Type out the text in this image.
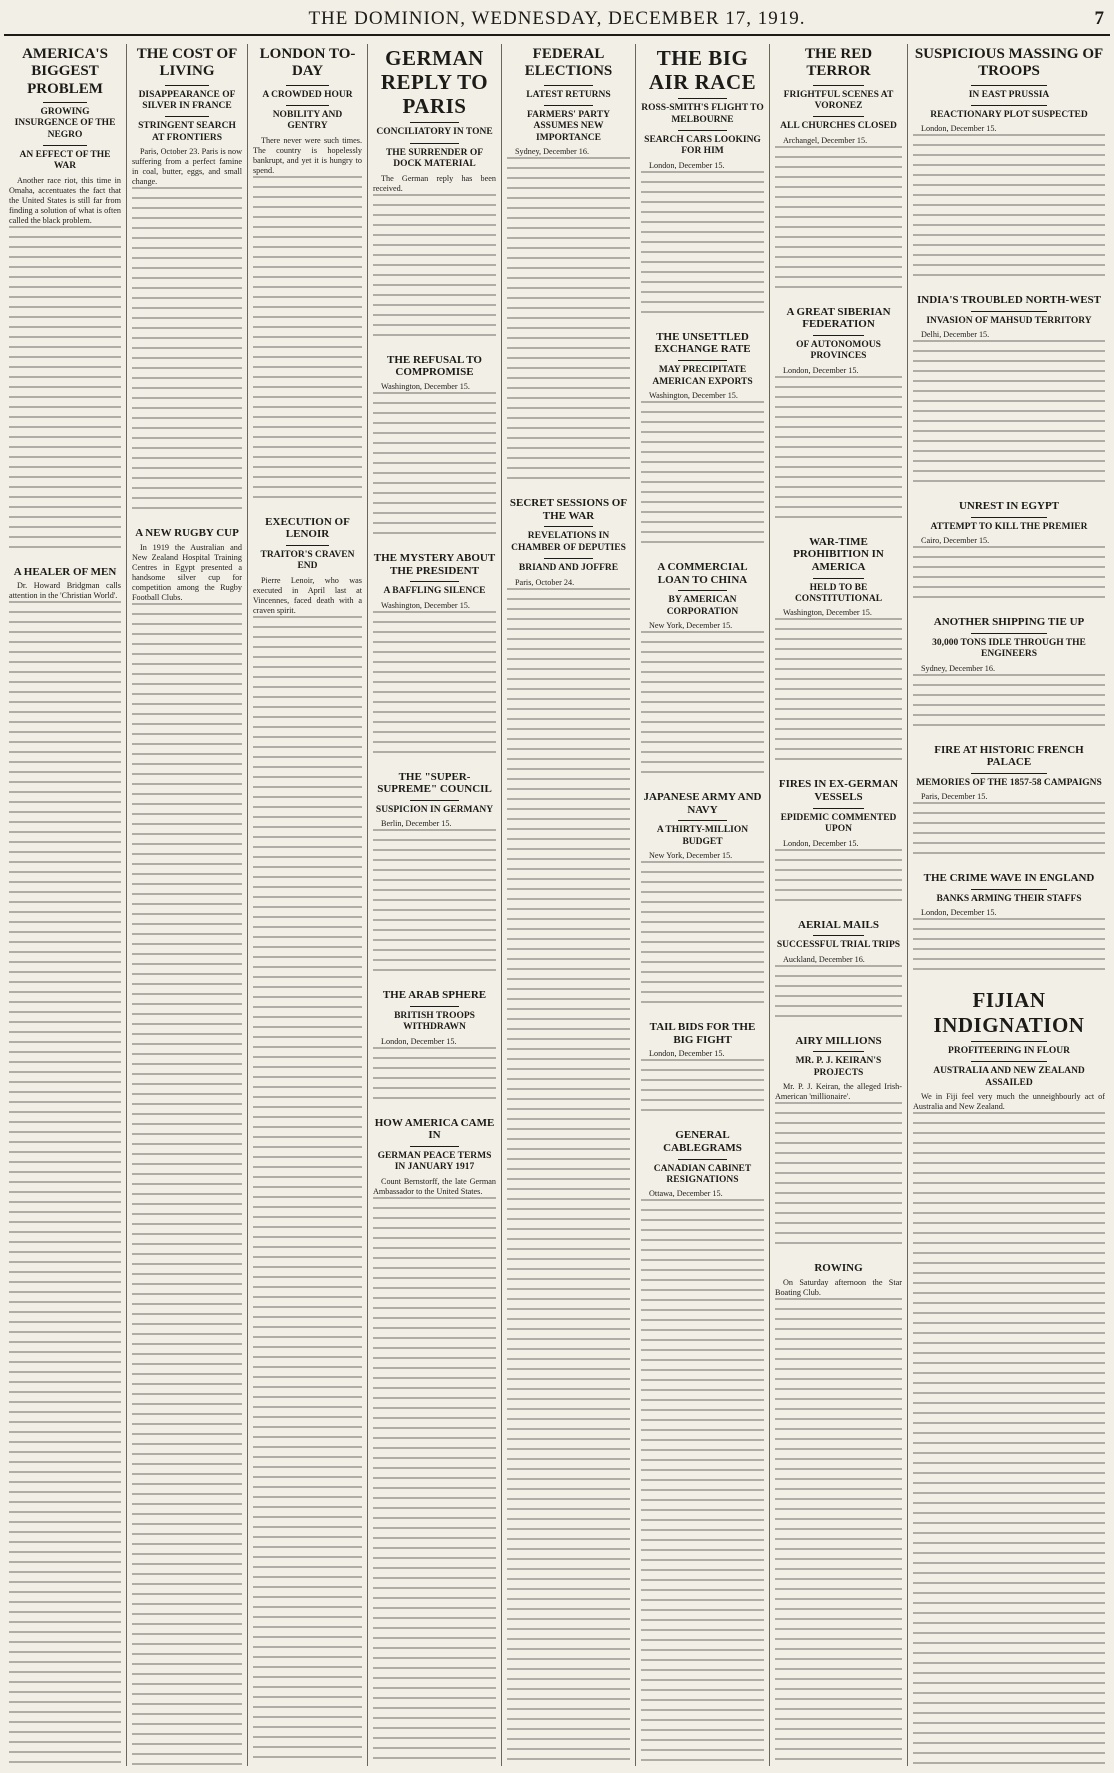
THE DOMINION, WEDNESDAY, DECEMBER 17, 1919.	7
AMERICA'S BIGGEST PROBLEM
GROWING INSURGENCE OF THE NEGRO
AN EFFECT OF THE WAR

Another race riot, this time in Omaha, accentuates the fact that the United States is still far from finding a solution of what is often called the black problem.

A HEALER OF MEN

Dr. Howard Bridgman calls attention in the 'Christian World'.

THE COST OF LIVING
DISAPPEARANCE OF SILVER IN FRANCE
STRINGENT SEARCH AT FRONTIERS

Paris, October 23. Paris is now suffering from a perfect famine in coal, butter, eggs, and small change.

A NEW RUGBY CUP

In 1919 the Australian and New Zealand Hospital Training Centres in Egypt presented a handsome silver cup for competition among the Rugby Football Clubs.

LONDON TO-DAY
A CROWDED HOUR
NOBILITY AND GENTRY

There never were such times. The country is hopelessly bankrupt, and yet it is hungry to spend.

EXECUTION OF LENOIR
TRAITOR'S CRAVEN END

Pierre Lenoir, who was executed in April last at Vincennes, faced death with a craven spirit.

GERMAN REPLY TO PARIS
CONCILIATORY IN TONE
THE SURRENDER OF DOCK MATERIAL

The German reply has been received.

THE REFUSAL TO COMPROMISE

Washington, December 15.

THE MYSTERY ABOUT THE PRESIDENT
A BAFFLING SILENCE

Washington, December 15.

THE "SUPER-SUPREME" COUNCIL
SUSPICION IN GERMANY

Berlin, December 15.

THE ARAB SPHERE
BRITISH TROOPS WITHDRAWN

London, December 15.

HOW AMERICA CAME IN
GERMAN PEACE TERMS IN JANUARY 1917

Count Bernstorff, the late German Ambassador to the United States.

FEDERAL ELECTIONS
LATEST RETURNS
FARMERS' PARTY ASSUMES NEW IMPORTANCE

Sydney, December 16.

SECRET SESSIONS OF THE WAR
REVELATIONS IN CHAMBER OF DEPUTIES
BRIAND AND JOFFRE

Paris, October 24.

THE BIG AIR RACE
ROSS-SMITH'S FLIGHT TO MELBOURNE
SEARCH CARS LOOKING FOR HIM

London, December 15.

THE UNSETTLED EXCHANGE RATE
MAY PRECIPITATE AMERICAN EXPORTS

Washington, December 15.

A COMMERCIAL LOAN TO CHINA
BY AMERICAN CORPORATION

New York, December 15.

JAPANESE ARMY AND NAVY
A THIRTY-MILLION BUDGET

New York, December 15.

TAIL BIDS FOR THE BIG FIGHT

London, December 15.

GENERAL CABLEGRAMS
CANADIAN CABINET RESIGNATIONS

Ottawa, December 15.

THE RED TERROR
FRIGHTFUL SCENES AT VORONEZ
ALL CHURCHES CLOSED

Archangel, December 15.

A GREAT SIBERIAN FEDERATION
OF AUTONOMOUS PROVINCES

London, December 15.

WAR-TIME PROHIBITION IN AMERICA
HELD TO BE CONSTITUTIONAL

Washington, December 15.

FIRES IN EX-GERMAN VESSELS
EPIDEMIC COMMENTED UPON

London, December 15.

AERIAL MAILS
SUCCESSFUL TRIAL TRIPS

Auckland, December 16.

AIRY MILLIONS
MR. P. J. KEIRAN'S PROJECTS

Mr. P. J. Keiran, the alleged Irish-American 'millionaire'.

ROWING

On Saturday afternoon the Star Boating Club.

SUSPICIOUS MASSING OF TROOPS
IN EAST PRUSSIA
REACTIONARY PLOT SUSPECTED

London, December 15.

INDIA'S TROUBLED NORTH-WEST
INVASION OF MAHSUD TERRITORY

Delhi, December 15.

UNREST IN EGYPT
ATTEMPT TO KILL THE PREMIER

Cairo, December 15.

ANOTHER SHIPPING TIE UP
30,000 TONS IDLE THROUGH THE ENGINEERS

Sydney, December 16.

FIRE AT HISTORIC FRENCH PALACE
MEMORIES OF THE 1857-58 CAMPAIGNS

Paris, December 15.

THE CRIME WAVE IN ENGLAND
BANKS ARMING THEIR STAFFS

London, December 15.

FIJIAN INDIGNATION
PROFITEERING IN FLOUR
AUSTRALIA AND NEW ZEALAND ASSAILED

We in Fiji feel very much the unneighbourly act of Australia and New Zealand.
